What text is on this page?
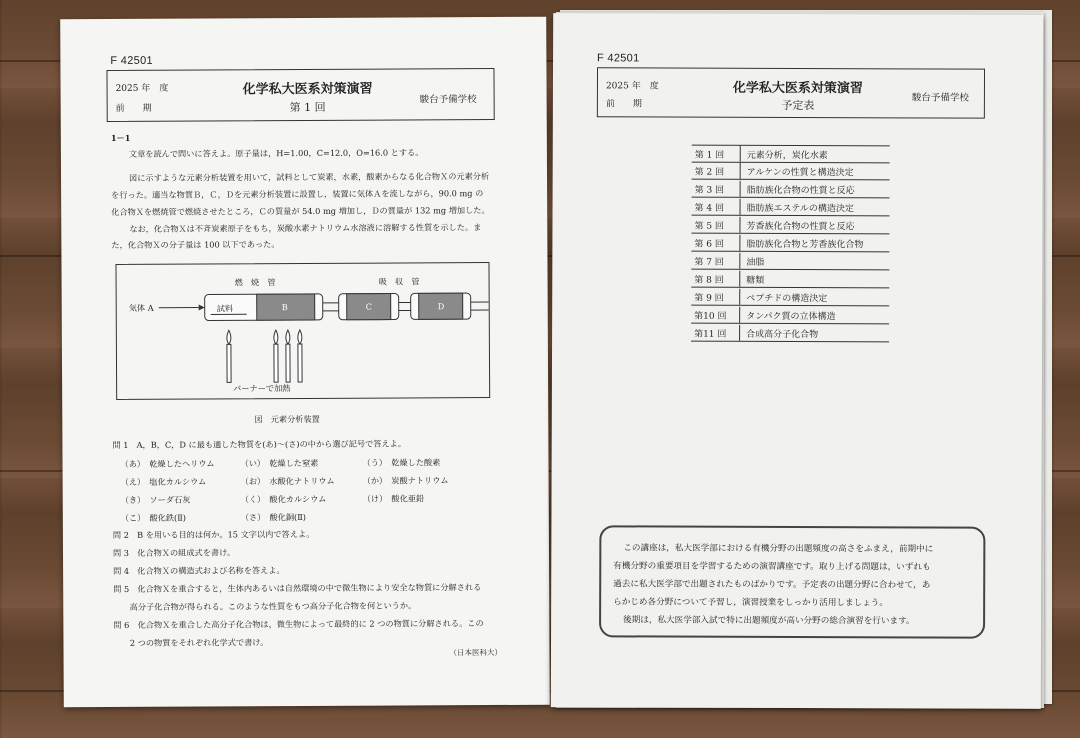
F 42501
2025 年　度
前　　期
化学私大医系対策演習
第 1 回
駿台予備学校
1－1
文章を読んで問いに答えよ。原子量は，H=1.00，C=12.0，O=16.0 とする。
図に示すような元素分析装置を用いて，試料として炭素，水素，酸素からなる化合物Ｘの元素分析
を行った。適当な物質Ｂ，Ｃ，Ｄを元素分析装置に設置し，装置に気体Ａを流しながら，90.0 mg の
化合物Ｘを燃焼管で燃焼させたところ，Ｃの質量が 54.0 mg 増加し，Ｄの質量が 132 mg 増加した。
なお，化合物Ｘは不斉炭素原子をもち，炭酸水素ナトリウム水溶液に溶解する性質を示した。ま
た，化合物Ｘの分子量は 100 以下であった。
燃　焼　管	吸　収　管
気体 A	試料	B	C	D
バーナーで加熱
図　元素分析装置
問 1　A，B，C，D に最も適した物質を(あ)～(さ)の中から選び記号で答えよ。
（あ）　乾燥したヘリウム	（い）　乾燥した窒素	（う）　乾燥した酸素
（え）　塩化カルシウム	（お）　水酸化ナトリウム	（か）　炭酸ナトリウム
（き）　ソーダ石灰	（く）　酸化カルシウム	（け）　酸化亜鉛
（こ）　酸化鉄(Ⅱ)	（さ）　酸化銅(Ⅱ)
問 2　B を用いる目的は何か。15 文字以内で答えよ。
問 3　化合物Ｘの組成式を書け。
問 4　化合物Ｘの構造式および名称を答えよ。
問 5　化合物Ｘを重合すると，生体内あるいは自然環境の中で微生物により安全な物質に分解される
　　高分子化合物が得られる。このような性質をもつ高分子化合物を何というか。
問 6　化合物Ｘを重合した高分子化合物は，微生物によって最終的に 2 つの物質に分解される。この
　　2 つの物質をそれぞれ化学式で書け。
（日本医科大）
F 42501
2025 年　度
前　　期
化学私大医系対策演習
予定表
駿台予備学校
第 1 回	元素分析，炭化水素
第 2 回	アルケンの性質と構造決定
第 3 回	脂肪族化合物の性質と反応
第 4 回	脂肪族エステルの構造決定
第 5 回	芳香族化合物の性質と反応
第 6 回	脂肪族化合物と芳香族化合物
第 7 回	油脂
第 8 回	糖類
第 9 回	ペプチドの構造決定
第10 回	タンパク質の立体構造
第11 回	合成高分子化合物
この講座は，私大医学部における有機分野の出題頻度の高さをふまえ，前期中に
有機分野の重要項目を学習するための演習講座です。取り上げる問題は，いずれも
過去に私大医学部で出題されたものばかりです。予定表の出題分野に合わせて，あ
らかじめ各分野について予習し，演習授業をしっかり活用しましょう。
後期は，私大医学部入試で特に出題頻度が高い分野の総合演習を行います。
